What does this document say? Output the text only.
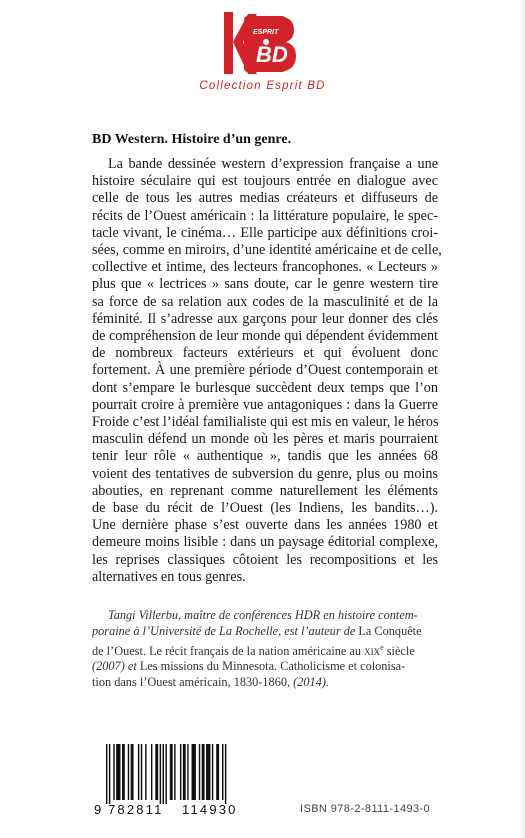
ESPRIT
BD
Collection Esprit BD
BD Western. Histoire d’un genre.
La bande dessinée western d’expression française a une
histoire séculaire qui est toujours entrée en dialogue avec
celle de tous les autres medias créateurs et diffuseurs de
récits de l’Ouest américain : la littérature populaire, le spec-
tacle vivant, le cinéma… Elle participe aux définitions croi-
sées, comme en miroirs, d’une identité américaine et de celle,
collective et intime, des lecteurs francophones. « Lecteurs »
plus que « lectrices » sans doute, car le genre western tire
sa force de sa relation aux codes de la masculinité et de la
féminité. Il s’adresse aux garçons pour leur donner des clés
de compréhension de leur monde qui dépendent évidemment
de nombreux facteurs extérieurs et qui évoluent donc
fortement. À une première période d’Ouest contemporain et
dont s’empare le burlesque succèdent deux temps que l’on
pourrait croire à première vue antagoniques : dans la Guerre
Froide c’est l’idéal familialiste qui est mis en valeur, le héros
masculin défend un monde où les pères et maris pourraient
tenir leur rôle « authentique », tandis que les années 68
voient des tentatives de subversion du genre, plus ou moins
abouties, en reprenant comme naturellement les éléments
de base du récit de l’Ouest (les Indiens, les bandits…).
Une dernière phase s’est ouverte dans les années 1980 et
demeure moins lisible : dans un paysage éditorial complexe,
les reprises classiques côtoient les recompositions et les
alternatives en tous genres.
Tangi Villerbu, maître de conférences HDR en histoire contem-
poraine à l’Université de La Rochelle, est l’auteur de La Conquête
de l’Ouest. Le récit français de la nation américaine au xix$^e$ siècle
(2007) et Les missions du Minnesota. Catholicisme et colonisa-
tion dans l’Ouest américain, 1830-1860, (2014).
9 782811 114930	ISBN 978-2-8111-1493-0
